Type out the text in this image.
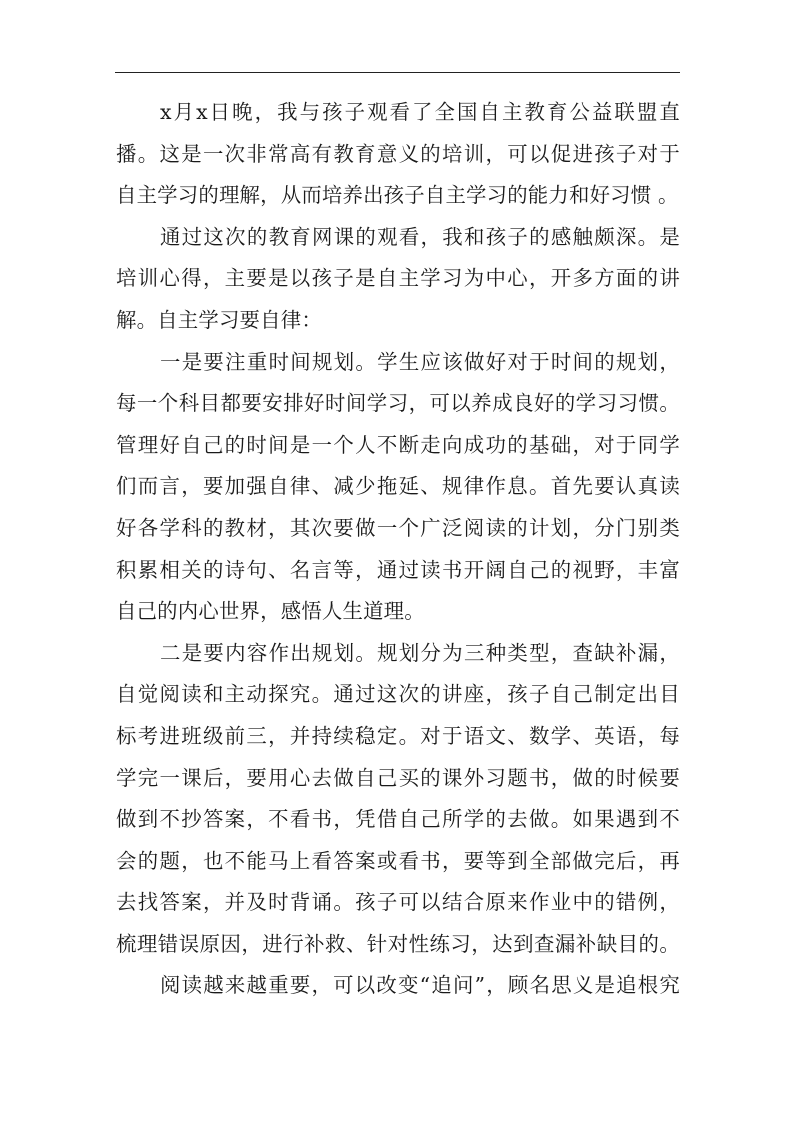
x月x日晚，我与孩子观看了全国自主教育公益联盟直
播。这是一次非常高有教育意义的培训，可以促进孩子对于
自主学习的理解，从而培养出孩子自主学习的能力和好习惯 。
通过这次的教育网课的观看，我和孩子的感触颇深。是
培训心得，主要是以孩子是自主学习为中心，开多方面的讲
解。自主学习要自律：
一是要注重时间规划。学生应该做好对于时间的规划，
每一个科目都要安排好时间学习，可以养成良好的学习习惯。
管理好自己的时间是一个人不断走向成功的基础，对于同学
们而言，要加强自律、减少拖延、规律作息。首先要认真读
好各学科的教材，其次要做一个广泛阅读的计划，分门别类
积累相关的诗句、名言等，通过读书开阔自己的视野，丰富
自己的内心世界，感悟人生道理。
二是要内容作出规划。规划分为三种类型，查缺补漏，
自觉阅读和主动探究。通过这次的讲座，孩子自己制定出目
标考进班级前三，并持续稳定。对于语文、数学、英语，每
学完一课后，要用心去做自己买的课外习题书，做的时候要
做到不抄答案，不看书，凭借自己所学的去做。如果遇到不
会的题，也不能马上看答案或看书，要等到全部做完后，再
去找答案，并及时背诵。孩子可以结合原来作业中的错例，
梳理错误原因，进行补救、针对性练习，达到查漏补缺目的。
阅读越来越重要，可以改变“追问”，顾名思义是追根究
